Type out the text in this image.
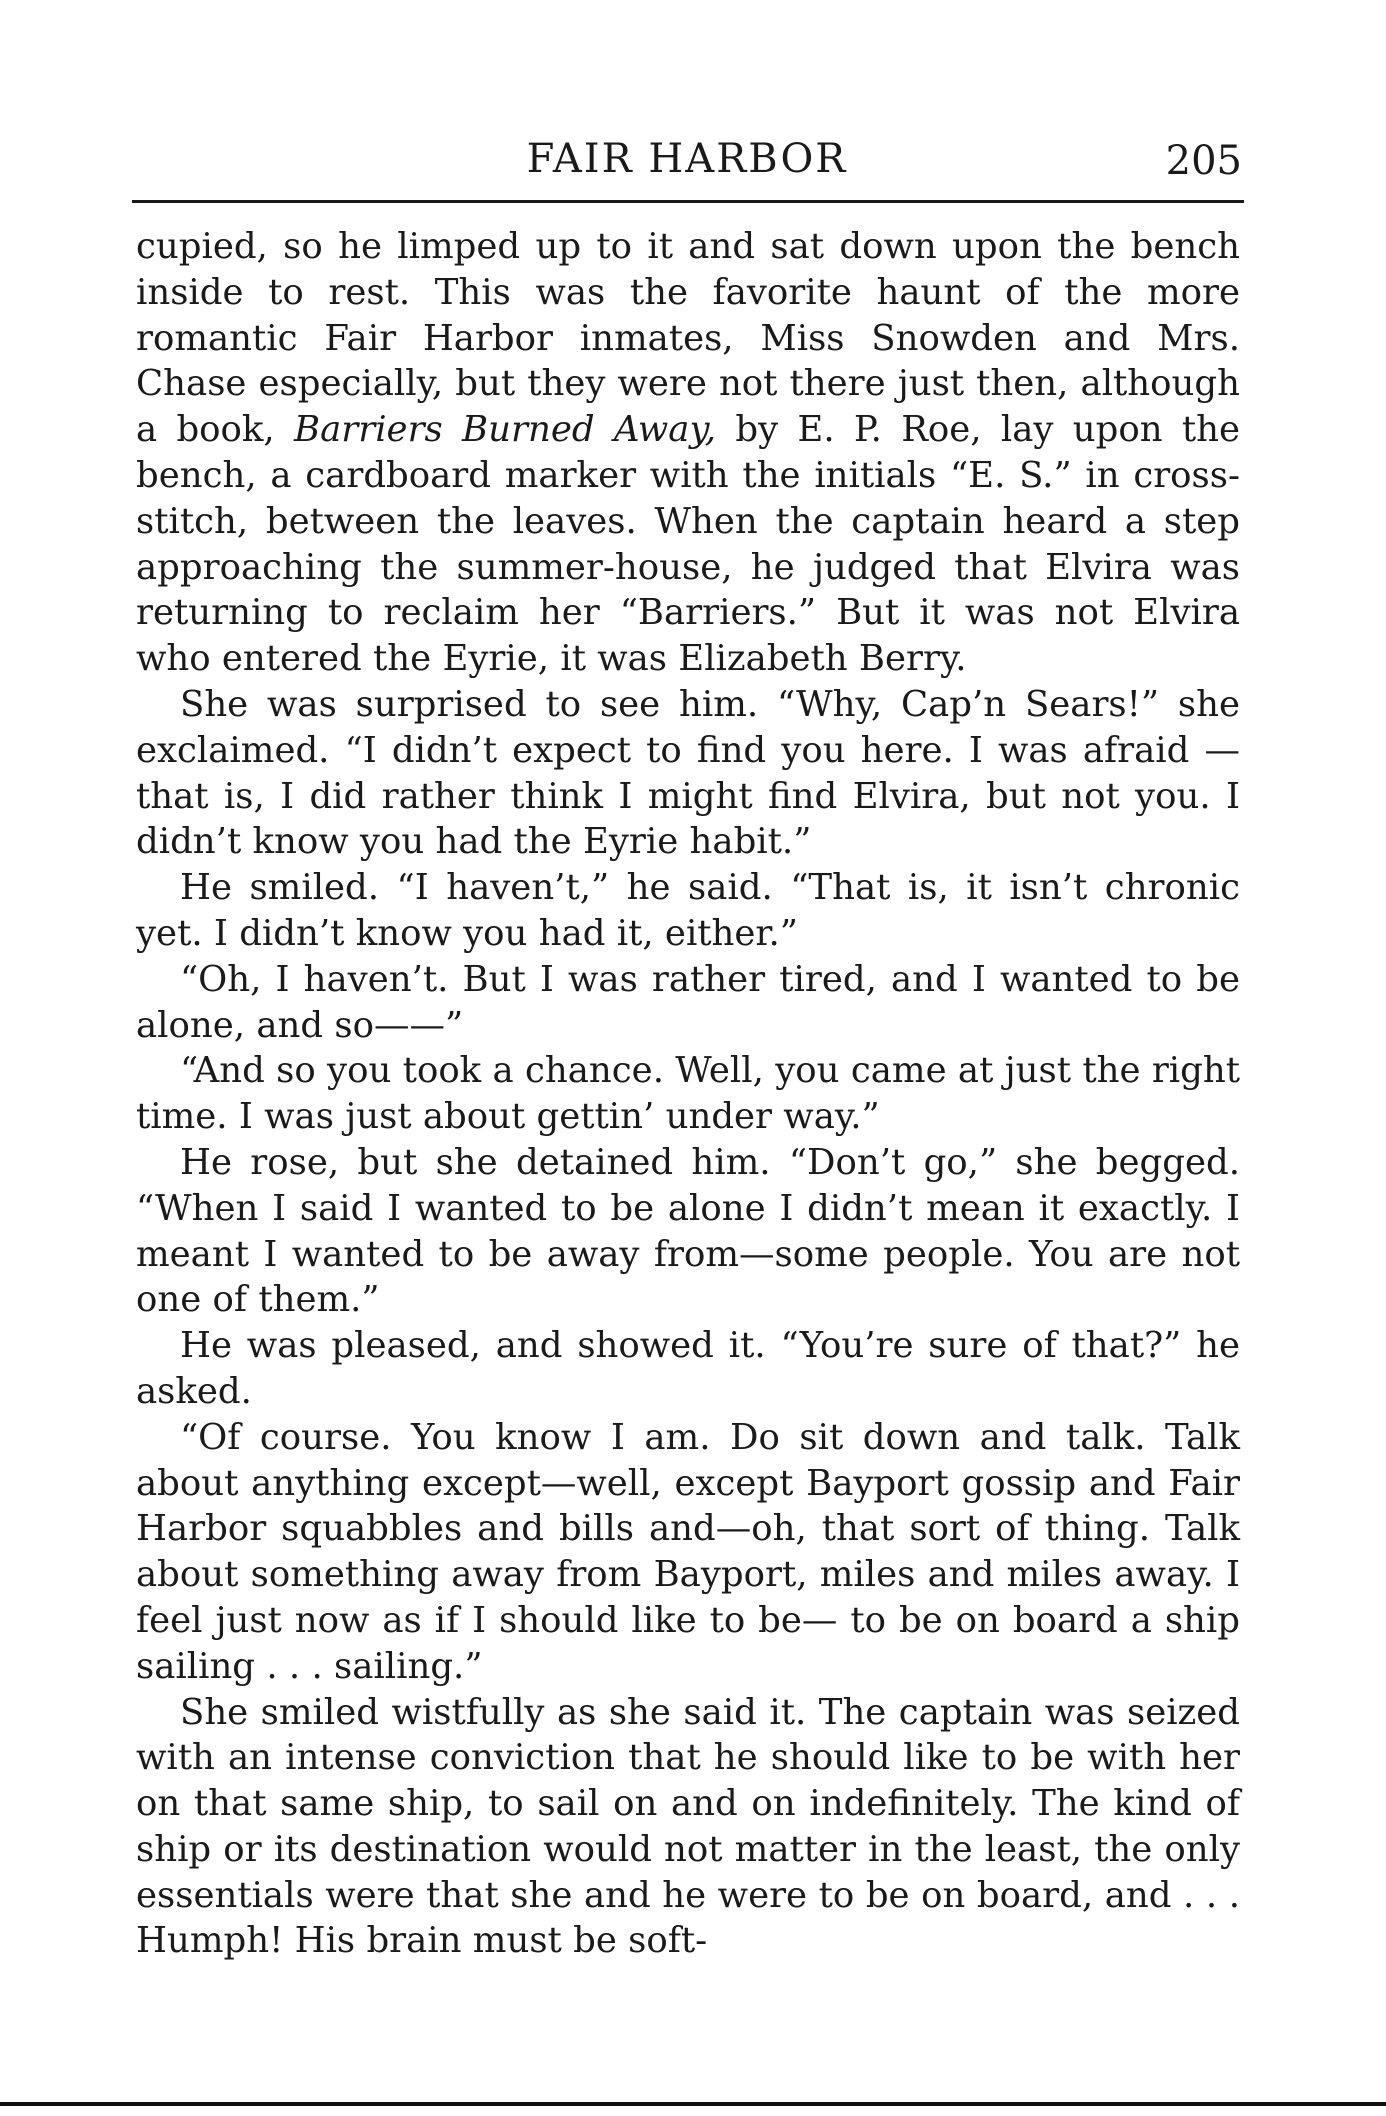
FAIR HARBOR	205

cupied, so he limped up to it and sat down upon the bench inside to rest. This was the favorite haunt of the more romantic Fair Harbor inmates, Miss Snowden and Mrs. Chase especially, but they were not there just then, although a book, Barriers Burned Away, by E. P. Roe, lay upon the bench, a cardboard marker with the initials “E. S.” in cross-stitch, between the leaves. When the captain heard a step approaching the summer-house, he judged that Elvira was returning to reclaim her “Barriers.” But it was not Elvira who entered the Eyrie, it was Elizabeth Berry.

She was surprised to see him. “Why, Cap’n Sears!” she exclaimed. “I didn’t expect to find you here. I was afraid —that is, I did rather think I might find Elvira, but not you. I didn’t know you had the Eyrie habit.”

He smiled. “I haven’t,” he said. “That is, it isn’t chronic yet. I didn’t know you had it, either.”

“Oh, I haven’t. But I was rather tired, and I wanted to be alone, and so——”

“And so you took a chance. Well, you came at just the right time. I was just about gettin’ under way.”

He rose, but she detained him. “Don’t go,” she begged. “When I said I wanted to be alone I didn’t mean it exactly. I meant I wanted to be away from—some people. You are not one of them.”

He was pleased, and showed it. “You’re sure of that?” he asked.

“Of course. You know I am. Do sit down and talk. Talk about anything except—well, except Bayport gossip and Fair Harbor squabbles and bills and—oh, that sort of thing. Talk about something away from Bayport, miles and miles away. I feel just now as if I should like to be— to be on board a ship sailing . . . sailing.”

She smiled wistfully as she said it. The captain was seized with an intense conviction that he should like to be with her on that same ship, to sail on and on indefinitely. The kind of ship or its destination would not matter in the least, the only essentials were that she and he were to be on board, and . . . Humph! His brain must be soft-
